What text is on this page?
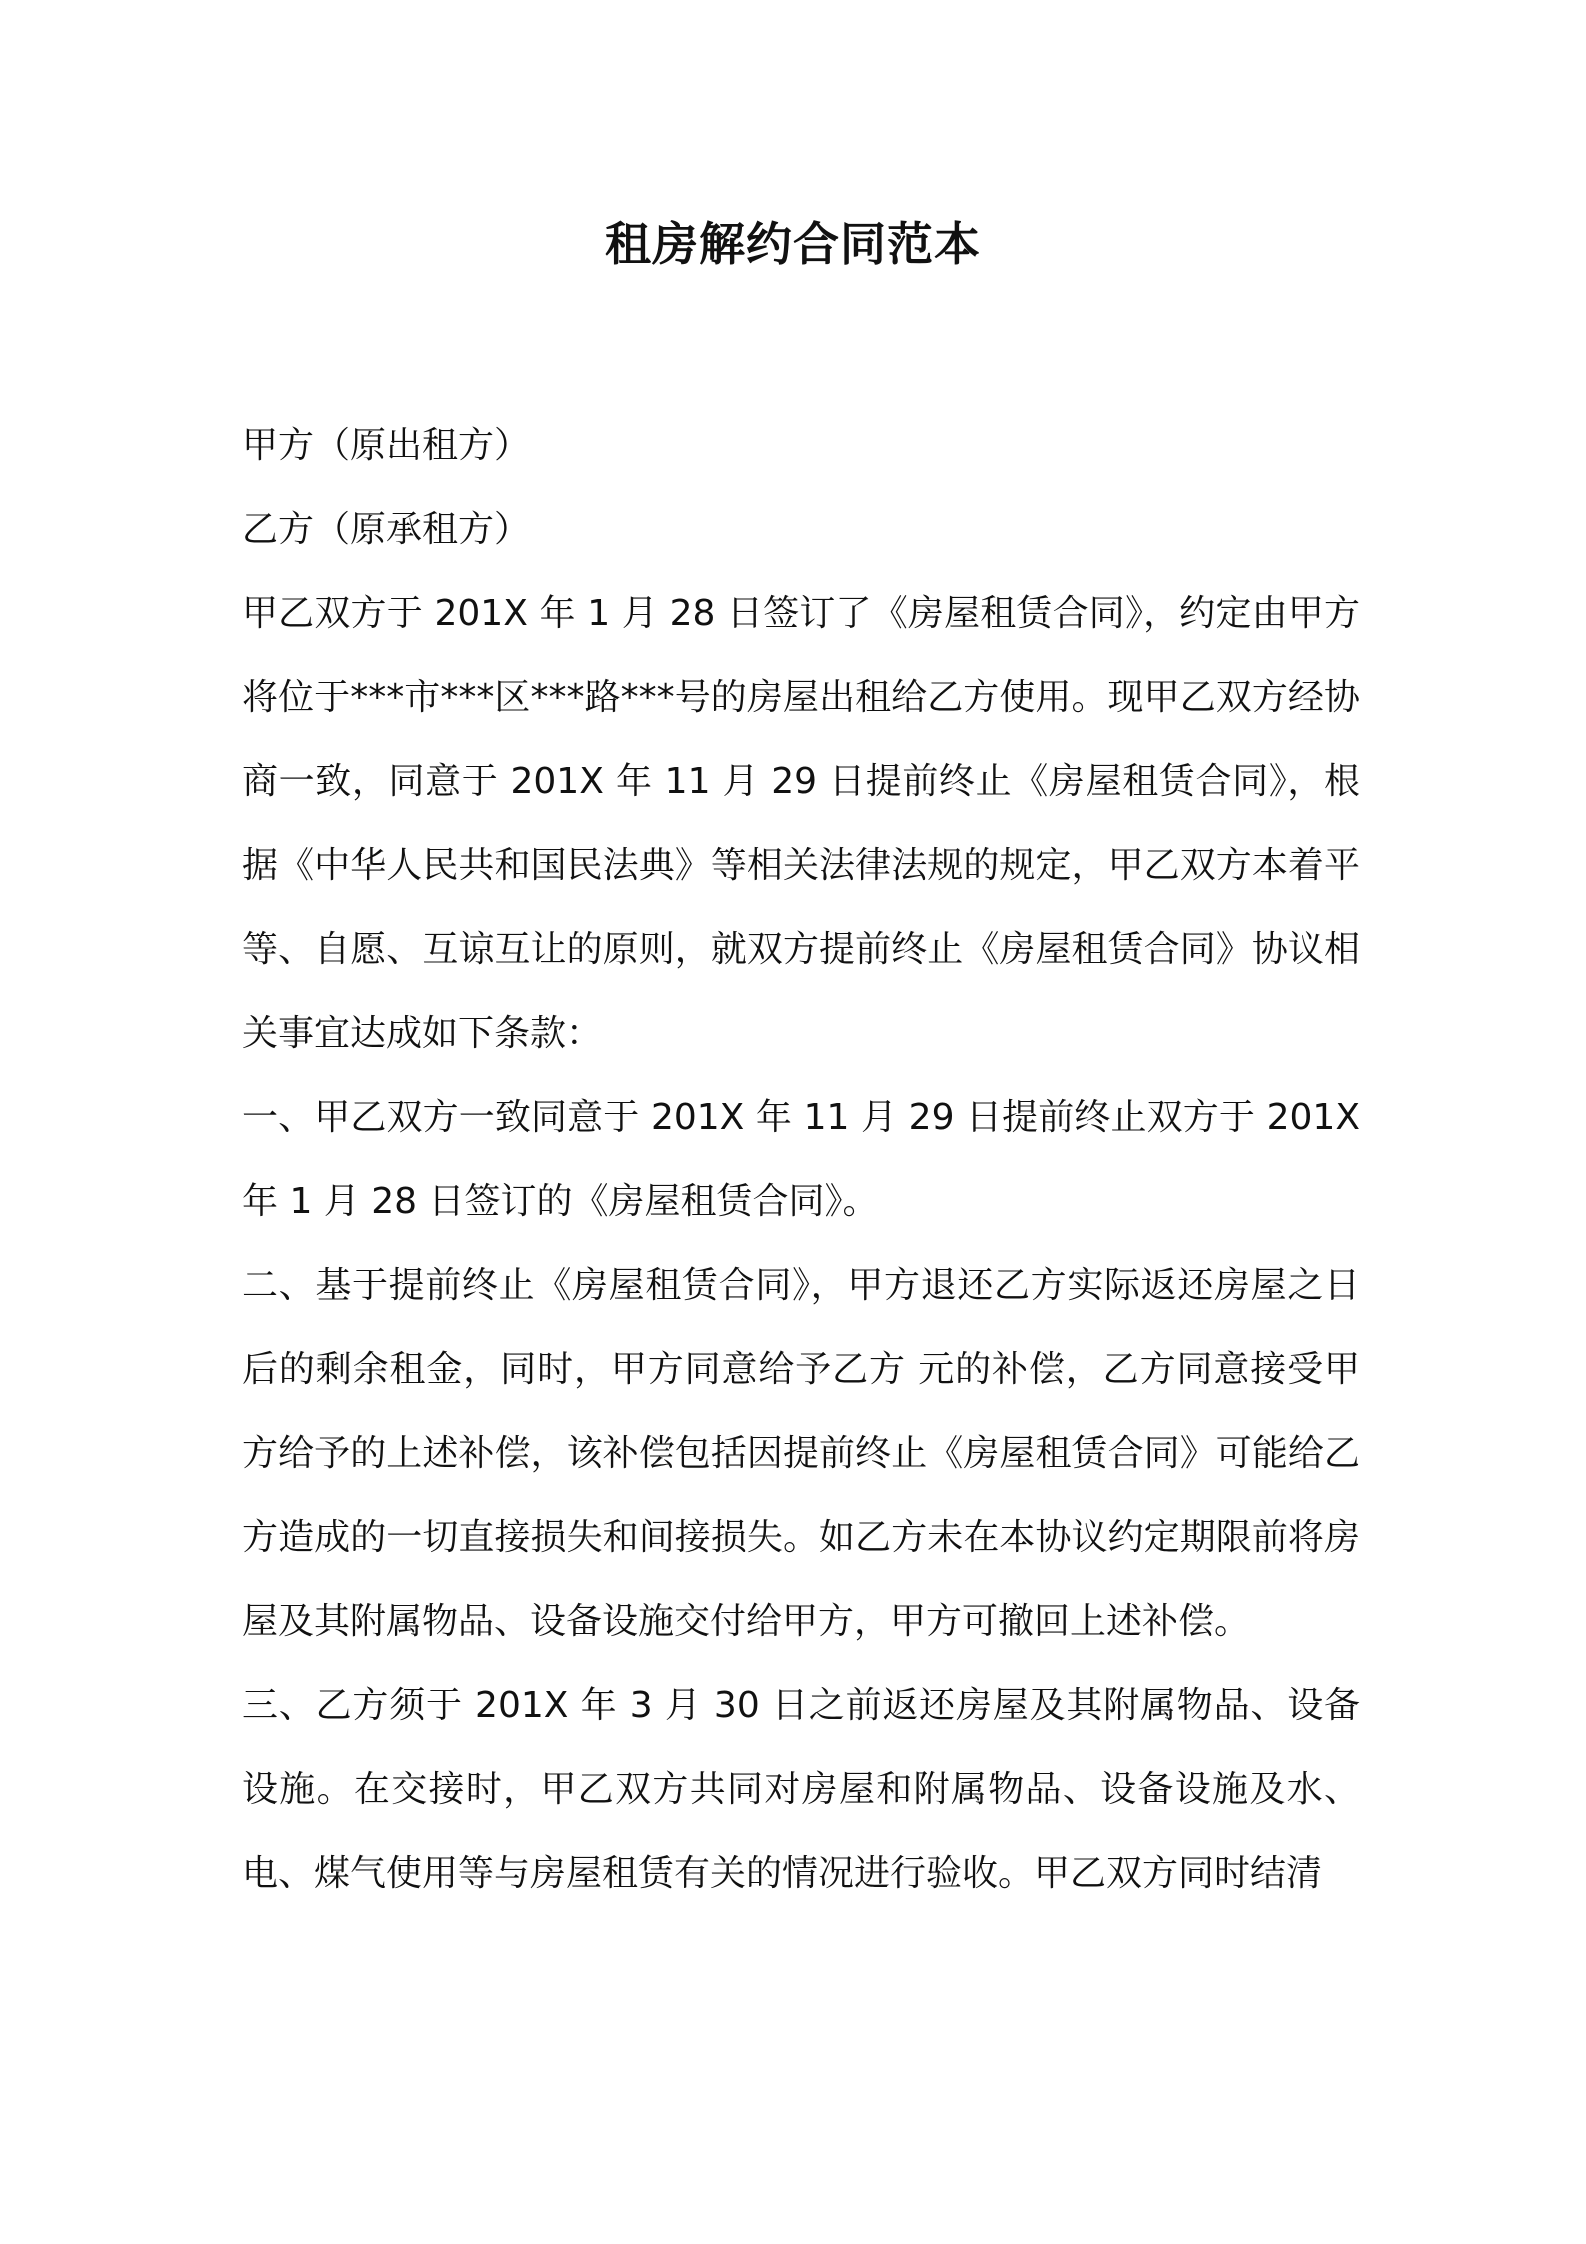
租房解约合同范本

甲方（原出租方）

乙方（原承租方）

甲乙双方于 201X 年 1 月 28 日签订了《房屋租赁合同》，约定由甲方将位于***市***区***路***号的房屋出租给乙方使用。现甲乙双方经协商一致，同意于 201X 年 11 月 29 日提前终止《房屋租赁合同》，根据《中华人民共和国民法典》等相关法律法规的规定，甲乙双方本着平等、自愿、互谅互让的原则，就双方提前终止《房屋租赁合同》协议相关事宜达成如下条款：

一、甲乙双方一致同意于 201X 年 11 月 29 日提前终止双方于 201X 年 1 月 28 日签订的《房屋租赁合同》。

二、基于提前终止《房屋租赁合同》，甲方退还乙方实际返还房屋之日后的剩余租金，同时，甲方同意给予乙方 元的补偿，乙方同意接受甲方给予的上述补偿，该补偿包括因提前终止《房屋租赁合同》可能给乙方造成的一切直接损失和间接损失。如乙方未在本协议约定期限前将房屋及其附属物品、设备设施交付给甲方，甲方可撤回上述补偿。

三、乙方须于 201X 年 3 月 30 日之前返还房屋及其附属物品、设备设施。在交接时，甲乙双方共同对房屋和附属物品、设备设施及水、电、煤气使用等与房屋租赁有关的情况进行验收。甲乙双方同时结清
